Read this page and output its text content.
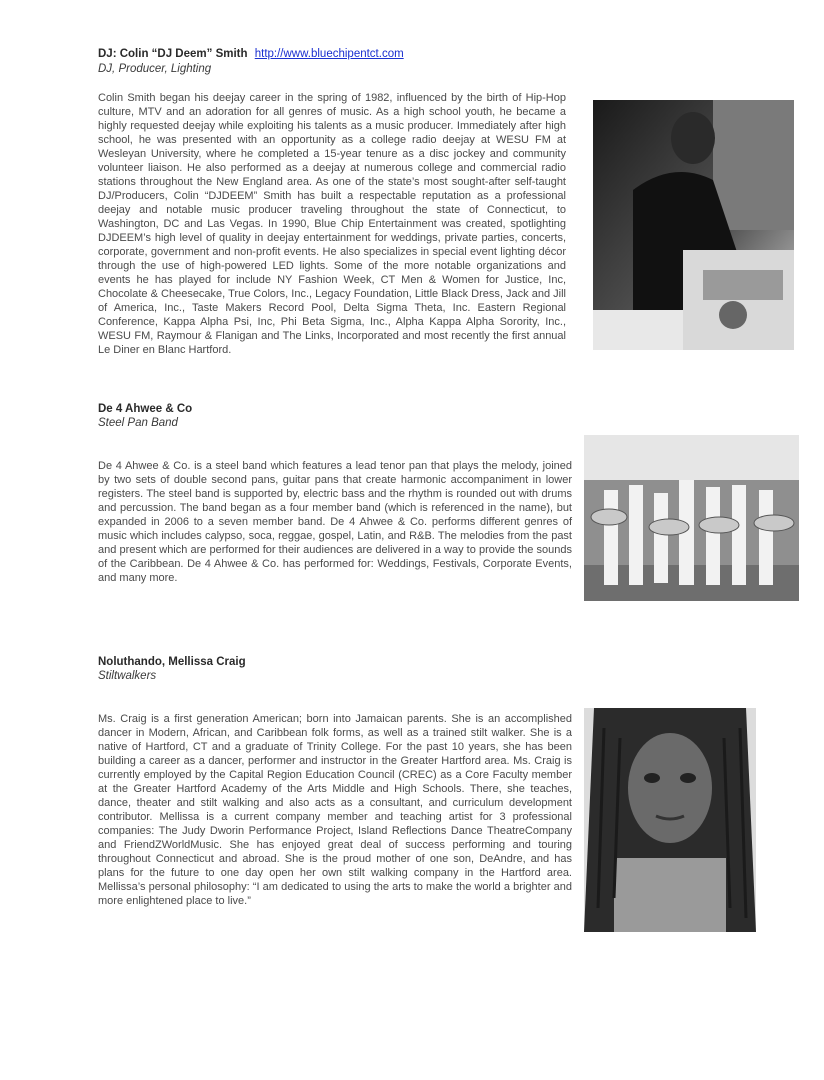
DJ: Colin “DJ Deem” Smith http://www.bluechipentct.com
DJ, Producer, Lighting

Colin Smith began his deejay career in the spring of 1982, influenced by the birth of Hip-Hop culture, MTV and an adoration for all genres of music. As a high school youth, he became a highly requested deejay while exploiting his talents as a music producer. Immediately after high school, he was presented with an opportunity as a college radio deejay at WESU FM at Wesleyan University, where he completed a 15-year tenure as a disc jockey and community volunteer liaison. He also performed as a deejay at numerous college and commercial radio stations throughout the New England area. As one of the state’s most sought-after self-taught DJ/Producers, Colin “DJDEEM” Smith has built a respectable reputation as a professional deejay and notable music producer traveling throughout the state of Connecticut, to Washington, DC and Las Vegas. In 1990, Blue Chip Entertainment was created, spotlighting DJDEEM’s high level of quality in deejay entertainment for weddings, private parties, concerts, corporate, government and non-profit events. He also specializes in special event lighting décor through the use of high-powered LED lights. Some of the more notable organizations and events he has played for include NY Fashion Week, CT Men & Women for Justice, Inc, Chocolate & Cheesecake, True Colors, Inc., Legacy Foundation, Little Black Dress, Jack and Jill of America, Inc., Taste Makers Record Pool, Delta Sigma Theta, Inc. Eastern Regional Conference, Kappa Alpha Psi, Inc, Phi Beta Sigma, Inc., Alpha Kappa Alpha Sorority, Inc., WESU FM, Raymour & Flanigan and The Links, Incorporated and most recently the first annual Le Diner en Blanc Hartford.

De 4 Ahwee & Co
Steel Pan Band

De 4 Ahwee & Co. is a steel band which features a lead tenor pan that plays the melody, joined by two sets of double second pans, guitar pans that create harmonic accompaniment in lower registers. The steel band is supported by, electric bass and the rhythm is rounded out with drums and percussion. The band began as a four member band (which is referenced in the name), but expanded in 2006 to a seven member band. De 4 Ahwee & Co. performs different genres of music which includes calypso, soca, reggae, gospel, Latin, and R&B. The melodies from the past and present which are performed for their audiences are delivered in a way to provide the sounds of the Caribbean. De 4 Ahwee & Co. has performed for: Weddings, Festivals, Corporate Events, and many more.

Noluthando, Mellissa Craig
Stiltwalkers

Ms. Craig is a first generation American; born into Jamaican parents. She is an accomplished dancer in Modern, African, and Caribbean folk forms, as well as a trained stilt walker. She is a native of Hartford, CT and a graduate of Trinity College. For the past 10 years, she has been building a career as a dancer, performer and instructor in the Greater Hartford area. Ms. Craig is currently employed by the Capital Region Education Council (CREC) as a Core Faculty member at the Greater Hartford Academy of the Arts Middle and High Schools. There, she teaches, dance, theater and stilt walking and also acts as a consultant, and curriculum development contributor. Mellissa is a current company member and teaching artist for 3 professional companies: The Judy Dworin Performance Project, Island Reflections Dance TheatreCompany and FriendZWorldMusic. She has enjoyed great deal of success performing and touring throughout Connecticut and abroad. She is the proud mother of one son, DeAndre, and has plans for the future to one day open her own stilt walking company in the Hartford area. Mellissa’s personal philosophy: “I am dedicated to using the arts to make the world a brighter and more enlightened place to live.”
